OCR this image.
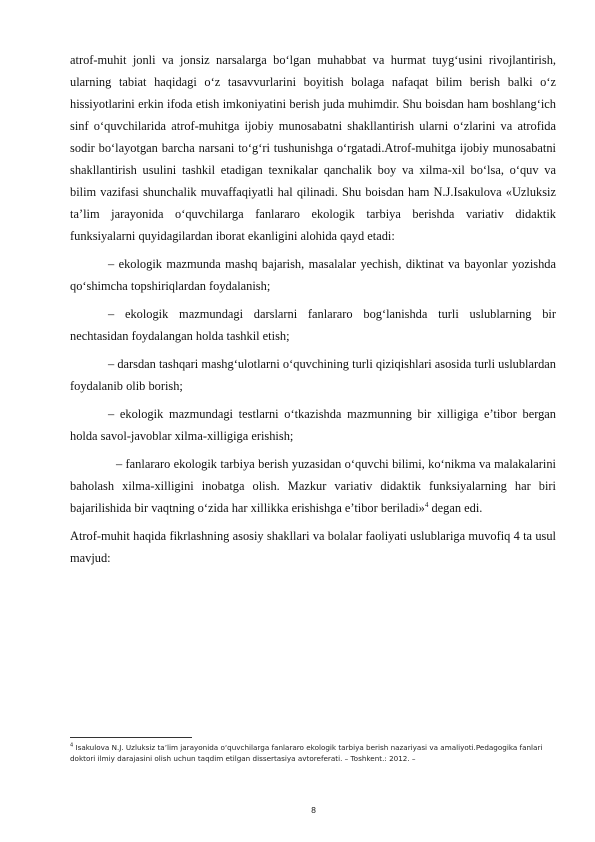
atrof-muhit jonli va jonsiz narsalarga bo‘lgan muhabbat va hurmat tuyg‘usini rivojlantirish, ularning tabiat haqidagi o‘z tasavvurlarini boyitish bolaga nafaqat bilim berish balki o‘z hissiyotlarini erkin ifoda etish imkoniyatini berish juda muhimdir. Shu boisdan ham boshlang‘ich sinf o‘quvchilarida atrof-muhitga ijobiy munosabatni shakllantirish ularni o‘zlarini va atrofida sodir bo‘layotgan barcha narsani to‘g‘ri tushunishga o‘rgatadi.Atrof-muhitga ijobiy munosabatni shakllantirish usulini tashkil etadigan texnikalar qanchalik boy va xilma-xil bo‘lsa, o‘quv va bilim vazifasi shunchalik muvaffaqiyatli hal qilinadi. Shu boisdan ham N.J.Isakulova «Uzluksiz ta’lim jarayonida o‘quvchilarga fanlararo ekologik tarbiya berishda variativ didaktik funksiyalarni quyidagilardan iborat ekanligini alohida qayd etadi:

– ekologik mazmunda mashq bajarish, masalalar yechish, diktinat va bayonlar yozishda qo‘shimcha topshiriqlardan foydalanish;

– ekologik mazmundagi darslarni fanlararo bog‘lanishda turli uslublarning bir nechtasidan foydalangan holda tashkil etish;

– darsdan tashqari mashg‘ulotlarni o‘quvchining turli qiziqishlari asosida turli uslublardan foydalanib olib borish;

– ekologik mazmundagi testlarni o‘tkazishda mazmunning bir xilligiga e’tibor bergan holda savol-javoblar xilma-xilligiga erishish;

– fanlararo ekologik tarbiya berish yuzasidan o‘quvchi bilimi, ko‘nikma va malakalarini baholash xilma-xilligini inobatga olish. Mazkur variativ didaktik funksiyalarning har biri bajarilishida bir vaqtning o‘zida har xillikka erishishga e’tibor beriladi»$^4$ degan edi.

Atrof-muhit haqida fikrlashning asosiy shakllari va bolalar faoliyati uslublariga muvofiq 4 ta usul mavjud:

$^4$ Isakulova N.J. Uzluksiz ta’lim jarayonida o‘quvchilarga fanlararo ekologik tarbiya berish nazariyasi va amaliyoti.Pedagogika fanlari doktori ilmiy darajasini olish uchun taqdim etilgan dissertasiya avtoreferati. – Toshkent.: 2012. –
8
